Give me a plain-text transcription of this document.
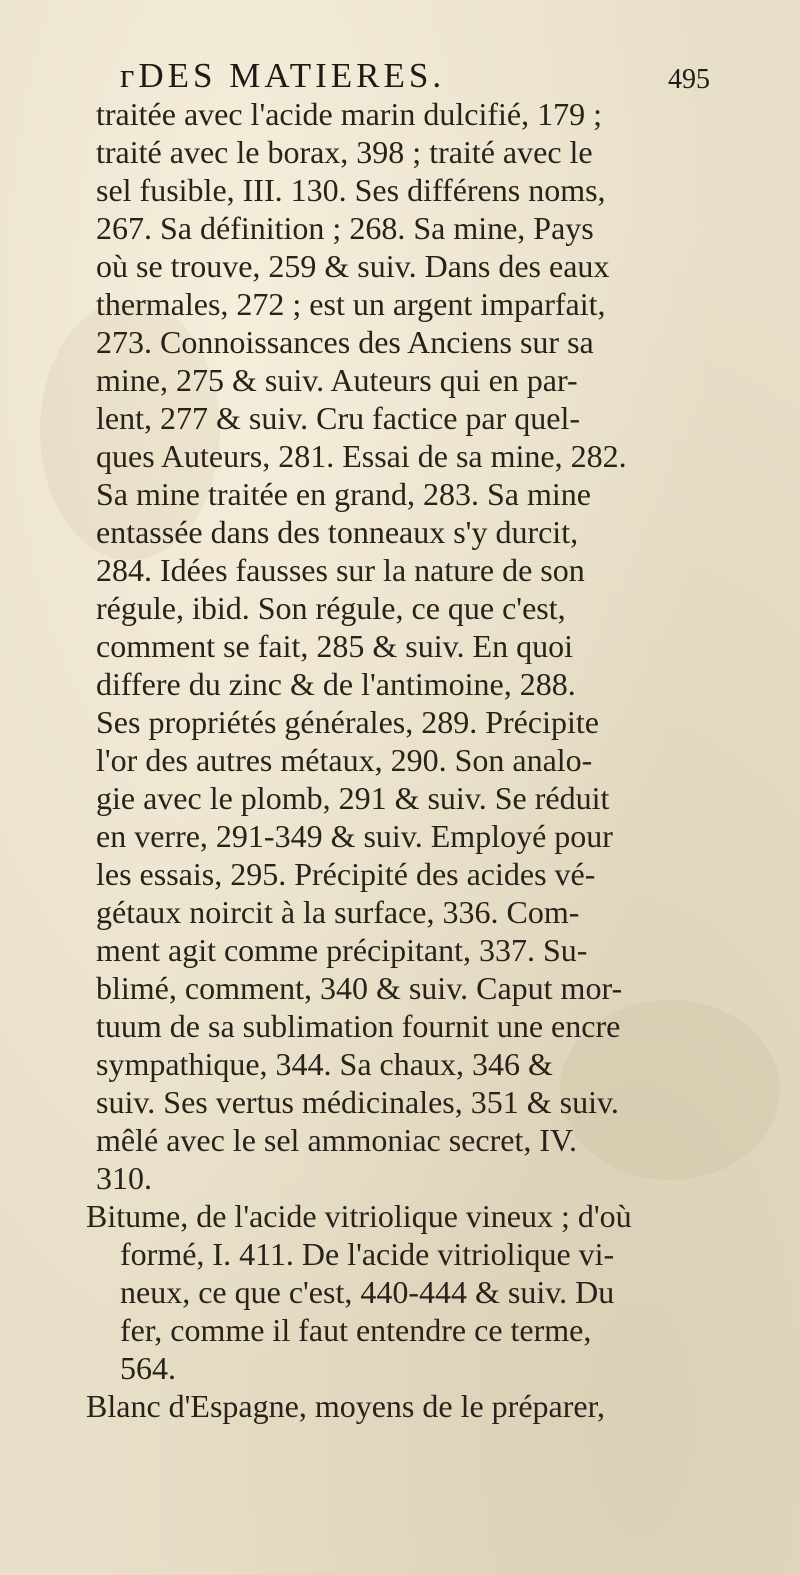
ᴦDES MATIERES.	495
traitée avec l'acide marin dulcifié, 179 ;
traité avec le borax, 398 ; traité avec le
sel fusible, III. 130. Ses différens noms,
267. Sa définition ; 268. Sa mine, Pays
où se trouve, 259 & suiv. Dans des eaux
thermales, 272 ; est un argent imparfait,
273. Connoissances des Anciens sur sa
mine, 275 & suiv. Auteurs qui en par-
lent, 277 & suiv. Cru factice par quel-
ques Auteurs, 281. Essai de sa mine, 282.
Sa mine traitée en grand, 283. Sa mine
entassée dans des tonneaux s'y durcit,
284. Idées fausses sur la nature de son
régule, ibid. Son régule, ce que c'est,
comment se fait, 285 & suiv. En quoi
differe du zinc & de l'antimoine, 288.
Ses propriétés générales, 289. Précipite
l'or des autres métaux, 290. Son analo-
gie avec le plomb, 291 & suiv. Se réduit
en verre, 291-349 & suiv. Employé pour
les essais, 295. Précipité des acides vé-
gétaux noircit à la surface, 336. Com-
ment agit comme précipitant, 337. Su-
blimé, comment, 340 & suiv. Caput mor-
tuum de sa sublimation fournit une encre
sympathique, 344. Sa chaux, 346 &
suiv. Ses vertus médicinales, 351 & suiv.
mêlé avec le sel ammoniac secret, IV.
310.
Bitume, de l'acide vitriolique vineux ; d'où
formé, I. 411. De l'acide vitriolique vi-
neux, ce que c'est, 440-444 & suiv. Du
fer, comme il faut entendre ce terme,
564.
Blanc d'Espagne, moyens de le préparer,
